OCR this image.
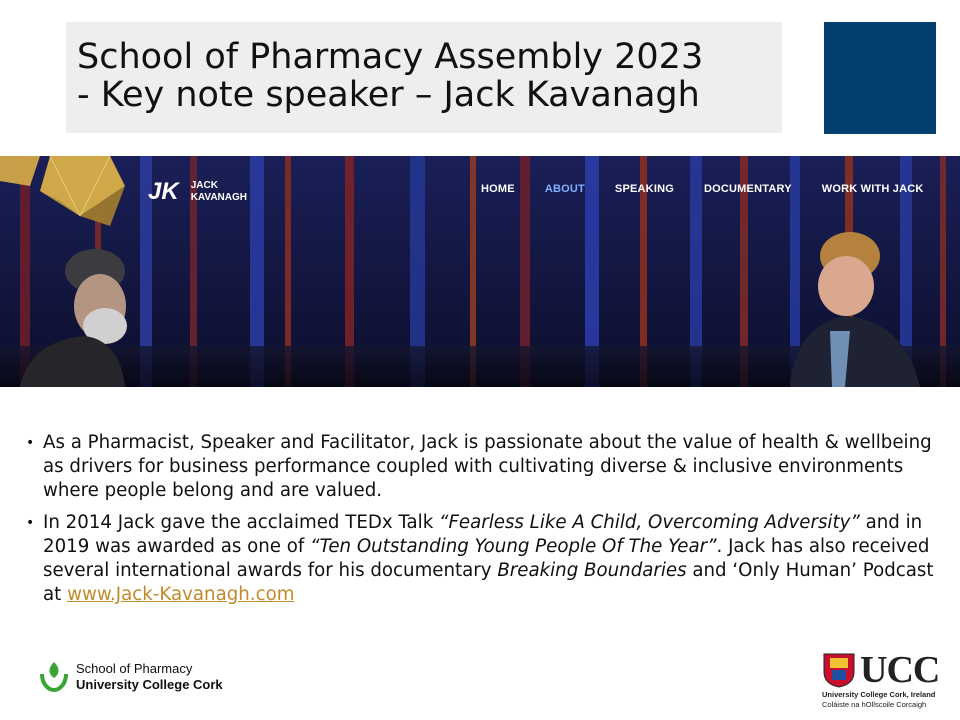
School of Pharmacy Assembly 2023
- Key note speaker – Jack Kavanagh
JK JACK
KAVANAGH
HOME	ABOUT	SPEAKING	DOCUMENTARY	WORK WITH JACK
• As a Pharmacist, Speaker and Facilitator, Jack is passionate about the value of health & wellbeing as drivers for business performance coupled with cultivating diverse & inclusive environments where people belong and are valued.
• In 2014 Jack gave the acclaimed TEDx Talk “Fearless Like A Child, Overcoming Adversity” and in 2019 was awarded as one of “Ten Outstanding Young People Of The Year”. Jack has also received several international awards for his documentary Breaking Boundaries and ‘Only Human’ Podcast at www.Jack-Kavanagh.com
School of Pharmacy
University College Cork	UCC
University College Cork, Ireland
Coláiste na hOllscoile Corcaigh
